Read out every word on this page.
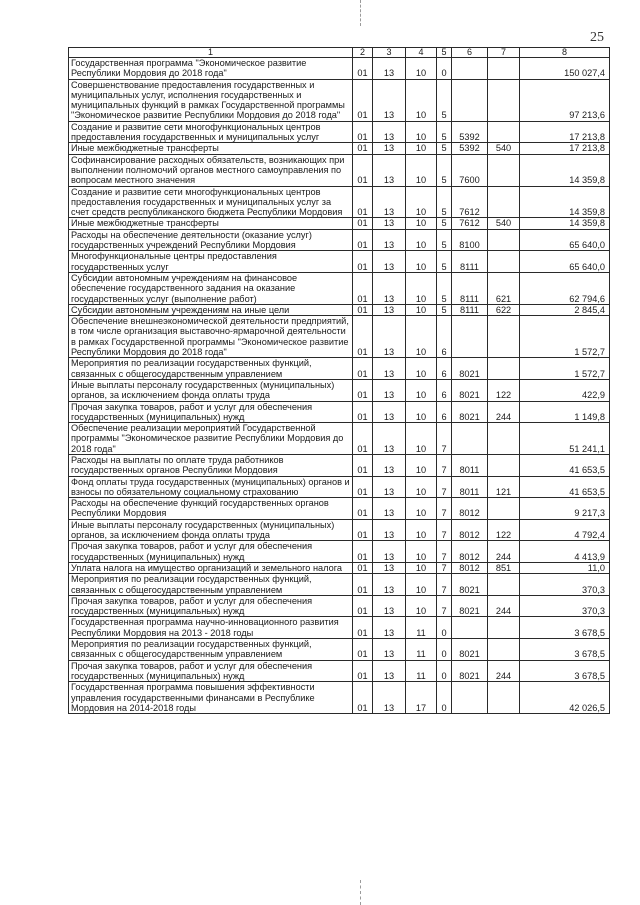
25
1	2	3	4	5	6	7	8
Государственная программа "Экономическое развитие Республики Мордовия до 2018 года"	01	13	10	0			150 027,4
Совершенствование предоставления государственных и муниципальных услуг, исполнения государственных и муниципальных функций в рамках Государственной программы "Экономическое развитие Республики Мордовия до 2018 года"	01	13	10	5			97 213,6
Создание и развитие сети многофункциональных центров предоставления государственных и муниципальных услуг	01	13	10	5	5392		17 213,8
Иные межбюджетные трансферты	01	13	10	5	5392	540	17 213,8
Софинансирование расходных обязательств, возникающих при выполнении полномочий органов местного самоуправления по вопросам местного значения	01	13	10	5	7600		14 359,8
Создание и развитие сети многофункциональных центров предоставления государственных и муниципальных услуг за счет средств республиканского бюджета Республики Мордовия	01	13	10	5	7612		14 359,8
Иные межбюджетные трансферты	01	13	10	5	7612	540	14 359,8
Расходы на обеспечение деятельности (оказание услуг) государственных учреждений Республики Мордовия	01	13	10	5	8100		65 640,0
Многофункциональные центры предоставления государственных услуг	01	13	10	5	8111		65 640,0
Субсидии автономным учреждениям на финансовое обеспечение государственного задания на оказание государственных услуг (выполнение работ)	01	13	10	5	8111	621	62 794,6
Субсидии автономным учреждениям на иные цели	01	13	10	5	8111	622	2 845,4
Обеспечение внешнеэкономической деятельности предприятий, в том числе организация выставочно-ярмарочной деятельности в рамках Государственной программы "Экономическое развитие Республики Мордовия до 2018 года"	01	13	10	6			1 572,7
Мероприятия по реализации государственных функций, связанных с общегосударственным управлением	01	13	10	6	8021		1 572,7
Иные выплаты персоналу государственных (муниципальных) органов, за исключением фонда оплаты труда	01	13	10	6	8021	122	422,9
Прочая закупка товаров, работ и услуг для обеспечения государственных (муниципальных) нужд	01	13	10	6	8021	244	1 149,8
Обеспечение реализации мероприятий Государственной программы "Экономическое развитие Республики Мордовия до 2018 года"	01	13	10	7			51 241,1
Расходы на выплаты по оплате труда работников государственных органов Республики Мордовия	01	13	10	7	8011		41 653,5
Фонд оплаты труда государственных (муниципальных) органов и взносы по обязательному социальному страхованию	01	13	10	7	8011	121	41 653,5
Расходы на обеспечение функций государственных органов Республики Мордовия	01	13	10	7	8012		9 217,3
Иные выплаты персоналу государственных (муниципальных) органов, за исключением фонда оплаты труда	01	13	10	7	8012	122	4 792,4
Прочая закупка товаров, работ и услуг для обеспечения государственных (муниципальных) нужд	01	13	10	7	8012	244	4 413,9
Уплата налога на имущество организаций и земельного налога	01	13	10	7	8012	851	11,0
Мероприятия по реализации государственных функций, связанных с общегосударственным управлением	01	13	10	7	8021		370,3
Прочая закупка товаров, работ и услуг для обеспечения государственных (муниципальных) нужд	01	13	10	7	8021	244	370,3
Государственная программа научно-инновационного развития Республики Мордовия на 2013 - 2018 годы	01	13	11	0			3 678,5
Мероприятия по реализации государственных функций, связанных с общегосударственным управлением	01	13	11	0	8021		3 678,5
Прочая закупка товаров, работ и услуг для обеспечения государственных (муниципальных) нужд	01	13	11	0	8021	244	3 678,5
Государственная программа повышения эффективности управления государственными финансами в Республике Мордовия на 2014-2018 годы	01	13	17	0			42 026,5
